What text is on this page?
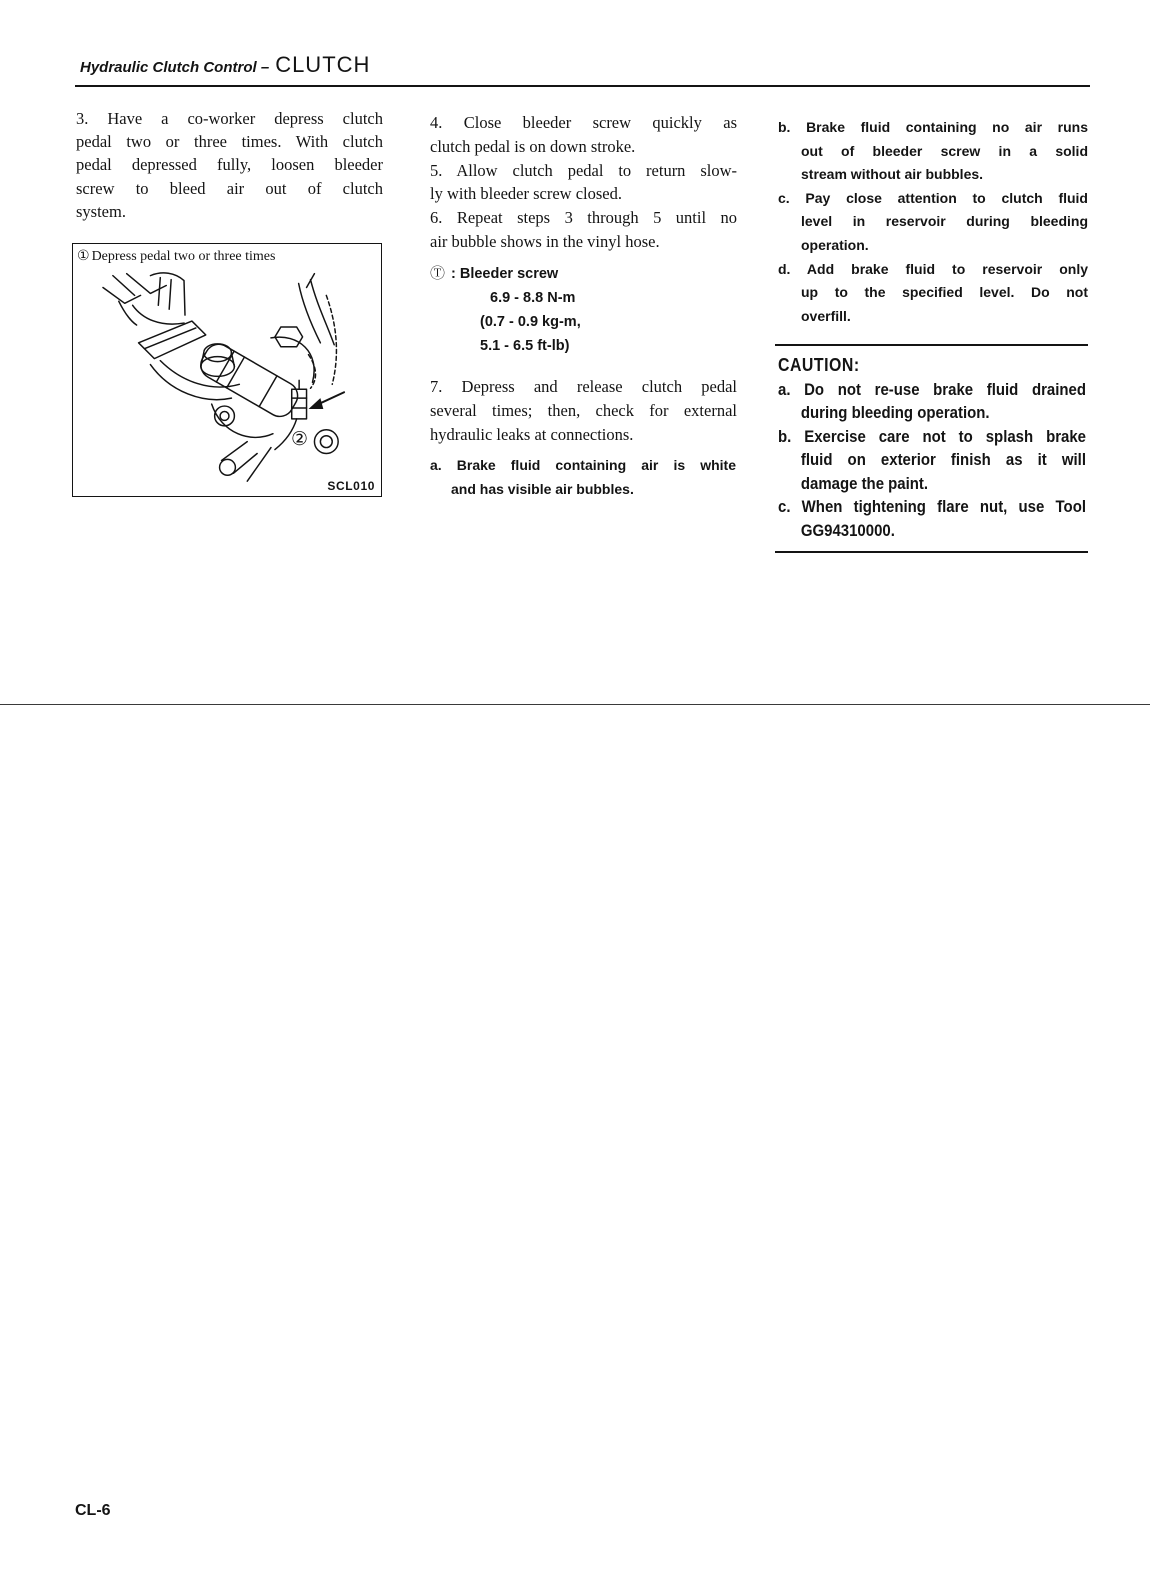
Hydraulic Clutch Control – CLUTCH
3. Have a co-worker depress clutch
pedal two or three times. With clutch
pedal depressed fully, loosen bleeder
screw to bleed air out of clutch
system.
① Depress pedal two or three times
②
SCL010
4. Close bleeder screw quickly as
clutch pedal is on down stroke.
5. Allow clutch pedal to return slow-
ly with bleeder screw closed.
6. Repeat steps 3 through 5 until no
air bubble shows in the vinyl hose.
Ⓣ : Bleeder screw
6.9 - 8.8 N-m
(0.7 - 0.9 kg-m,
5.1 - 6.5 ft-lb)
7. Depress and release clutch pedal
several times; then, check for external
hydraulic leaks at connections.
a. Brake fluid containing air is white
and has visible air bubbles.
b. Brake fluid containing no air runs
out of bleeder screw in a solid
stream without air bubbles.
c. Pay close attention to clutch fluid
level in reservoir during bleeding
operation.
d. Add brake fluid to reservoir only
up to the specified level. Do not
overfill.
CAUTION:
a. Do not re-use brake fluid drained
during bleeding operation.
b. Exercise care not to splash brake
fluid on exterior finish as it will
damage the paint.
c. When tightening flare nut, use Tool
GG94310000.
CL-6
